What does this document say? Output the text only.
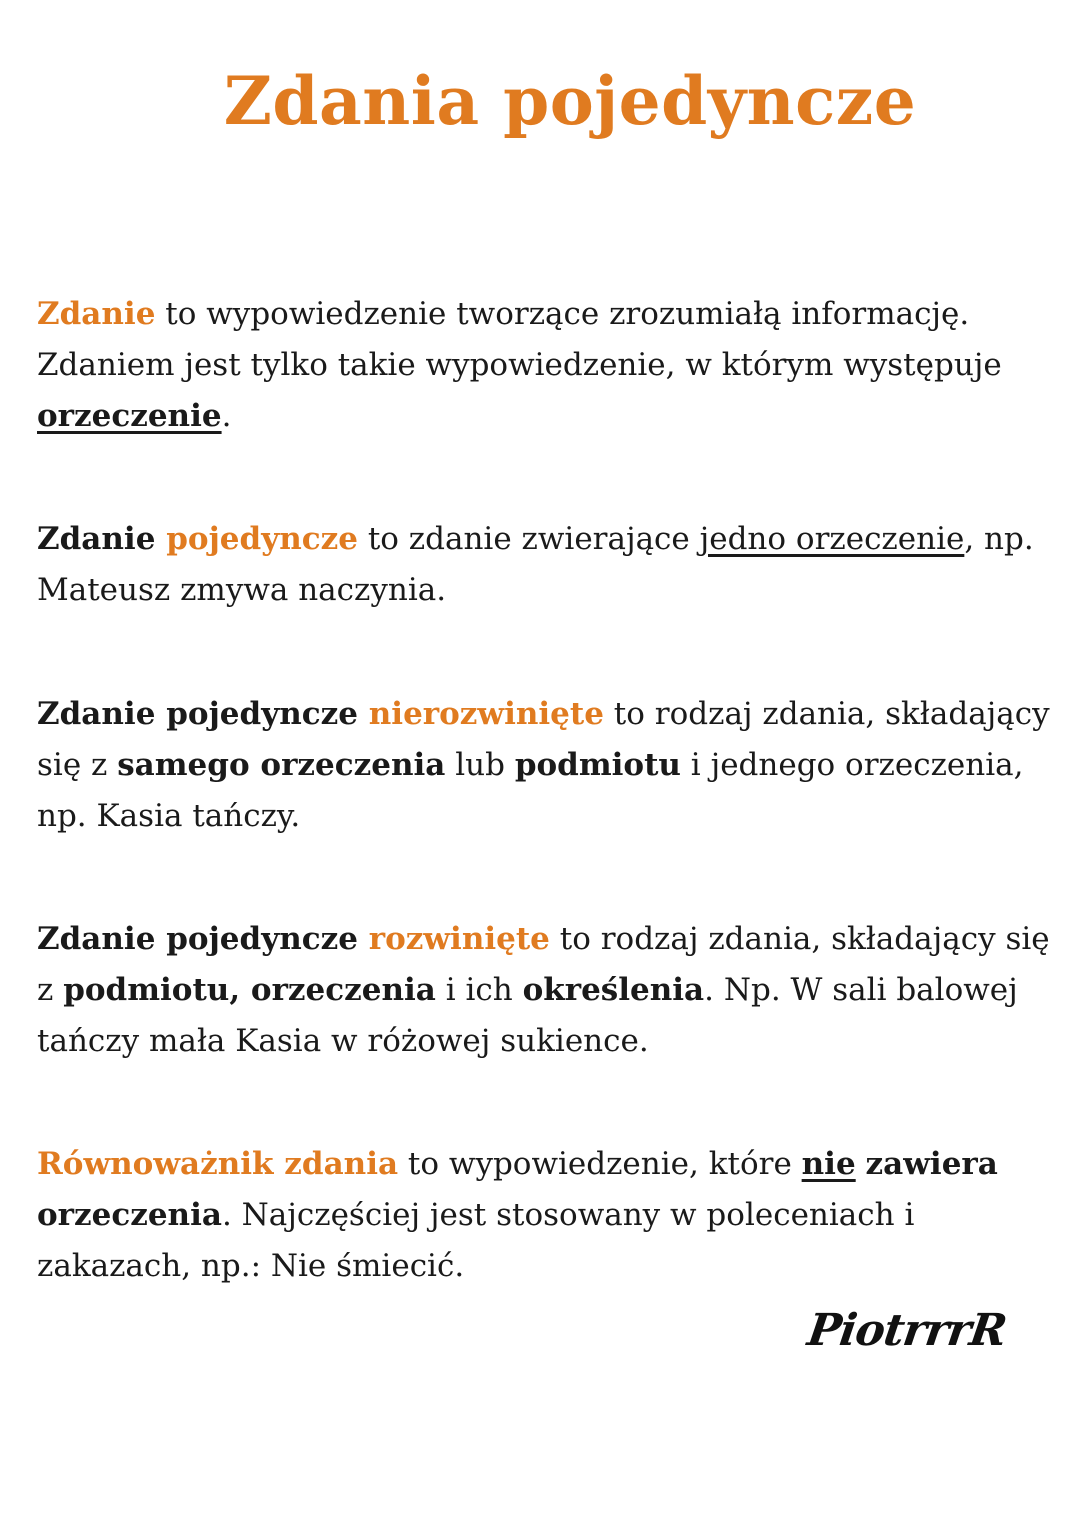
Zdania pojedyncze

Zdanie to wypowiedzenie tworzące zrozumiałą informację. Zdaniem jest tylko takie wypowiedzenie, w którym występuje orzeczenie.

Zdanie pojedyncze to zdanie zwierające jedno orzeczenie, np. Mateusz zmywa naczynia.

Zdanie pojedyncze nierozwinięte to rodzaj zdania, składający się z samego orzeczenia lub podmiotu i jednego orzeczenia, np. Kasia tańczy.

Zdanie pojedyncze rozwinięte to rodzaj zdania, składający się z podmiotu, orzeczenia i ich określenia. Np. W sali balowej tańczy mała Kasia w różowej sukience.

Równoważnik zdania to wypowiedzenie, które nie zawiera orzeczenia. Najczęściej jest stosowany w poleceniach i zakazach, np.: Nie śmiecić.

PiotrrrR
